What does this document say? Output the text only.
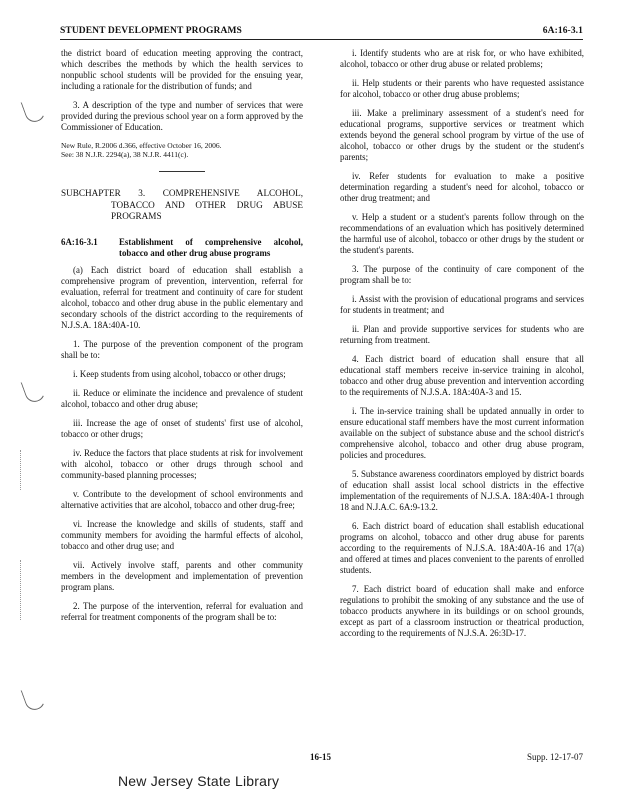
STUDENT DEVELOPMENT PROGRAMS	6A:16-3.1

the district board of education meeting approving the contract, which describes the methods by which the health services to nonpublic school students will be provided for the ensuing year, including a rationale for the distribution of funds; and

3. A description of the type and number of services that were provided during the previous school year on a form approved by the Commissioner of Education.

New Rule, R.2006 d.366, effective October 16, 2006.
See: 38 N.J.R. 2294(a), 38 N.J.R. 4411(c).
SUBCHAPTER 3. COMPREHENSIVE ALCOHOL, TOBACCO AND OTHER DRUG ABUSE PROGRAMS
6A:16-3.1	Establishment of comprehensive alcohol, tobacco and other drug abuse programs

(a) Each district board of education shall establish a comprehensive program of prevention, intervention, referral for evaluation, referral for treatment and continuity of care for student alcohol, tobacco and other drug abuse in the public elementary and secondary schools of the district according to the requirements of N.J.S.A. 18A:40A-10.

1. The purpose of the prevention component of the program shall be to:

i. Keep students from using alcohol, tobacco or other drugs;

ii. Reduce or eliminate the incidence and prevalence of student alcohol, tobacco and other drug abuse;

iii. Increase the age of onset of students' first use of alcohol, tobacco or other drugs;

iv. Reduce the factors that place students at risk for involvement with alcohol, tobacco or other drugs through school and community-based planning processes;

v. Contribute to the development of school environments and alternative activities that are alcohol, tobacco and other drug-free;

vi. Increase the knowledge and skills of students, staff and community members for avoiding the harmful effects of alcohol, tobacco and other drug use; and

vii. Actively involve staff, parents and other community members in the development and implementation of prevention program plans.

2. The purpose of the intervention, referral for evaluation and referral for treatment components of the program shall be to:

i. Identify students who are at risk for, or who have exhibited, alcohol, tobacco or other drug abuse or related problems;

ii. Help students or their parents who have requested assistance for alcohol, tobacco or other drug abuse problems;

iii. Make a preliminary assessment of a student's need for educational programs, supportive services or treatment which extends beyond the general school program by virtue of the use of alcohol, tobacco or other drugs by the student or the student's parents;

iv. Refer students for evaluation to make a positive determination regarding a student's need for alcohol, tobacco or other drug treatment; and

v. Help a student or a student's parents follow through on the recommendations of an evaluation which has positively determined the harmful use of alcohol, tobacco or other drugs by the student or the student's parents.

3. The purpose of the continuity of care component of the program shall be to:

i. Assist with the provision of educational programs and services for students in treatment; and

ii. Plan and provide supportive services for students who are returning from treatment.

4. Each district board of education shall ensure that all educational staff members receive in-service training in alcohol, tobacco and other drug abuse prevention and intervention according to the requirements of N.J.S.A. 18A:40A-3 and 15.

i. The in-service training shall be updated annually in order to ensure educational staff members have the most current information available on the subject of substance abuse and the school district's comprehensive alcohol, tobacco and other drug abuse program, policies and procedures.

5. Substance awareness coordinators employed by district boards of education shall assist local school districts in the effective implementation of the requirements of N.J.S.A. 18A:40A-1 through 18 and N.J.A.C. 6A:9-13.2.

6. Each district board of education shall establish educational programs on alcohol, tobacco and other drug abuse for parents according to the requirements of N.J.S.A. 18A:40A-16 and 17(a) and offered at times and places convenient to the parents of enrolled students.

7. Each district board of education shall make and enforce regulations to prohibit the smoking of any substance and the use of tobacco products anywhere in its buildings or on school grounds, except as part of a classroom instruction or theatrical production, according to the requirements of N.J.S.A. 26:3D-17.

16-15	Supp. 12-17-07
New Jersey State Library
